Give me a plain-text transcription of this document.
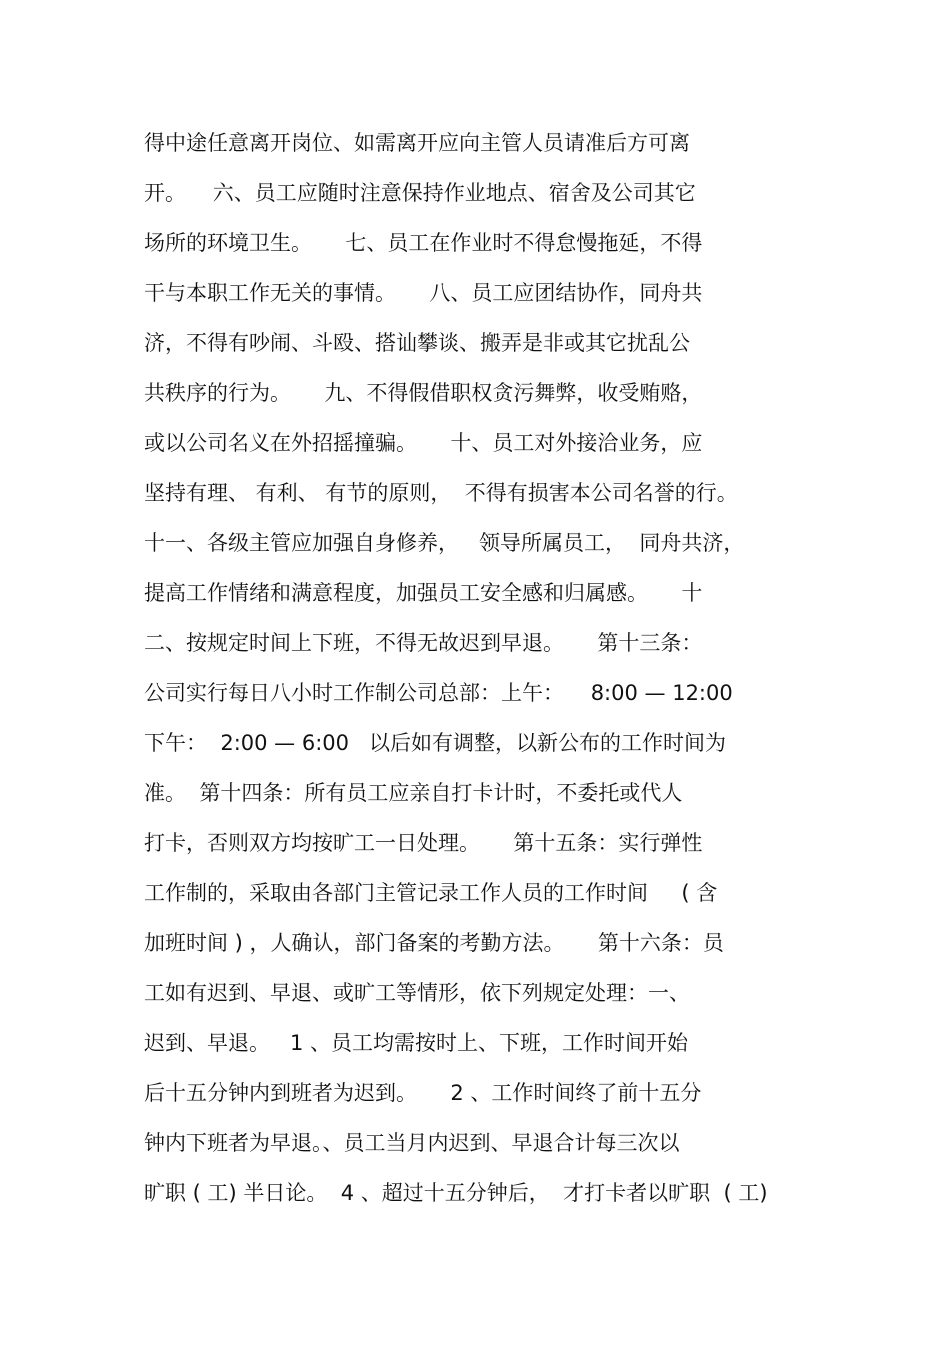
得中途任意离开岗位、如需离开应向主管人员请准后方可离
开。    六、员工应随时注意保持作业地点、宿舍及公司其它
场所的环境卫生。     七、员工在作业时不得怠慢拖延，不得
干与本职工作无关的事情。     八、员工应团结协作，同舟共
济，不得有吵闹、斗殴、搭讪攀谈、搬弄是非或其它扰乱公
共秩序的行为。     九、不得假借职权贪污舞弊，收受贿赂，
或以公司名义在外招摇撞骗。     十、员工对外接洽业务，应
坚持有理、 有利、 有节的原则，  不得有损害本公司名誉的行。
十一、各级主管应加强自身修养，   领导所属员工，  同舟共济，
提高工作情绪和满意程度，加强员工安全感和归属感。     十
二、按规定时间上下班，不得无故迟到早退。     第十三条：
公司实行每日八小时工作制公司总部：上午：    8:00 — 12:00
下午：  2:00 — 6:00   以后如有调整，以新公布的工作时间为
准。  第十四条：所有员工应亲自打卡计时，不委托或代人
打卡，否则双方均按旷工一日处理。     第十五条：实行弹性
工作制的，采取由各部门主管记录工作人员的工作时间     ( 含
加班时间 ) ，人确认，部门备案的考勤方法。     第十六条：员
工如有迟到、早退、或旷工等情形，依下列规定处理：一、
迟到、早退。   1 、员工均需按时上、下班，工作时间开始
后十五分钟内到班者为迟到。     2 、工作时间终了前十五分
钟内下班者为早退。、员工当月内迟到、早退合计每三次以
旷职 ( 工) 半日论。  4 、超过十五分钟后，  才打卡者以旷职  ( 工)
